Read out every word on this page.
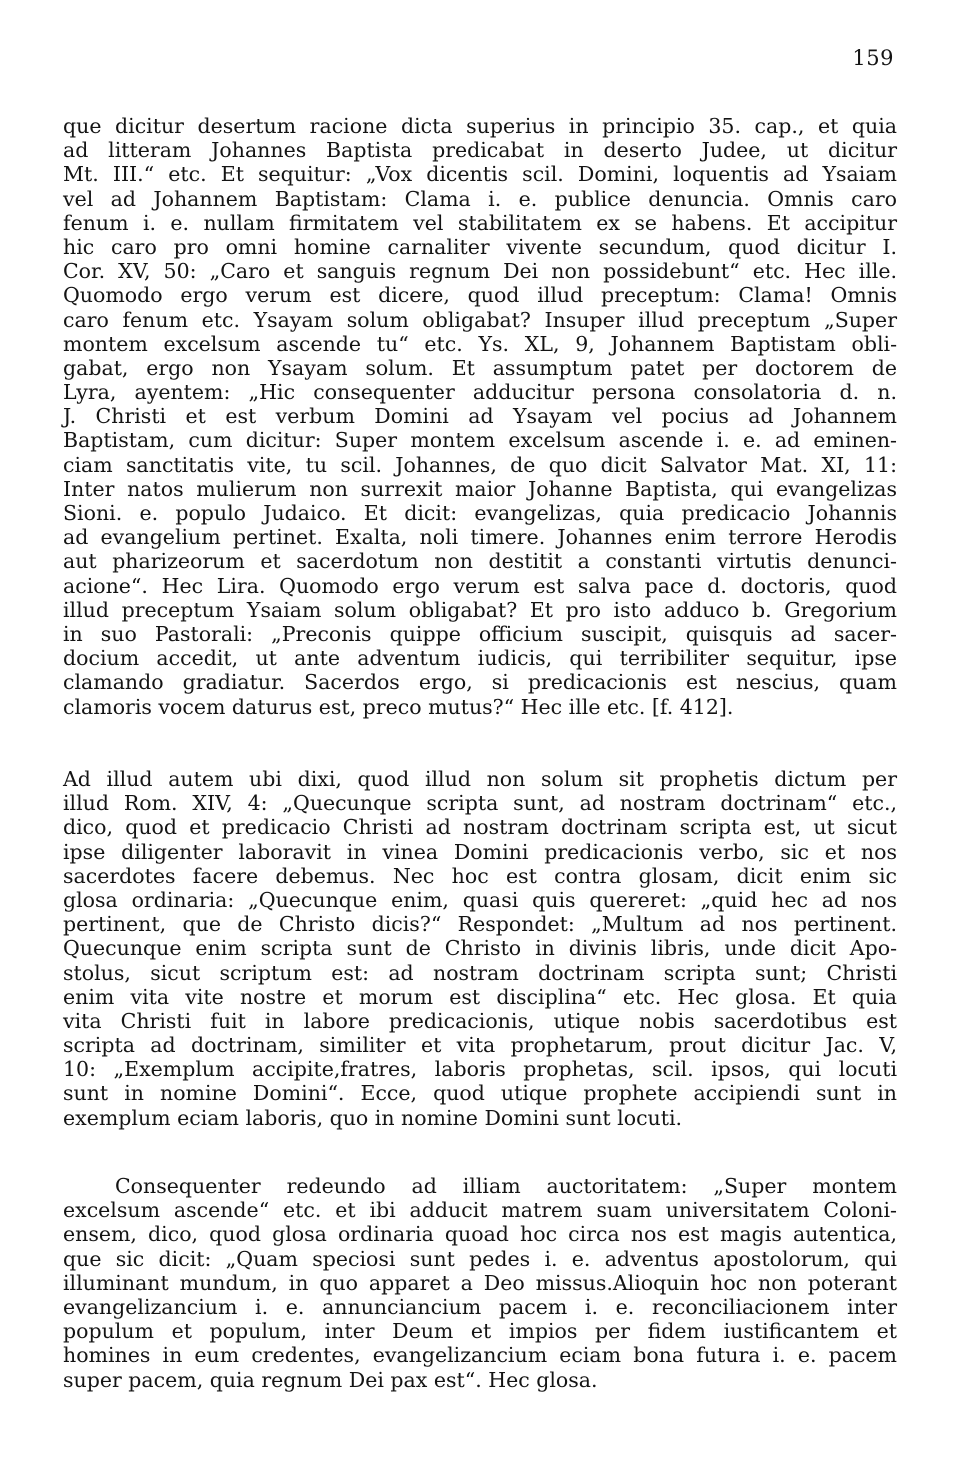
159
que dicitur desertum racione dicta superius in principio 35. cap., et quia
ad litteram Johannes Baptista predicabat in deserto Judee, ut dicitur
Mt. III.“ etc. Et sequitur: „Vox dicentis scil. Domini, loquentis ad Ysaiam
vel ad Johannem Baptistam: Clama i. e. publice denuncia. Omnis caro
fenum i. e. nullam firmitatem vel stabilitatem ex se habens. Et accipitur
hic caro pro omni homine carnaliter vivente secundum, quod dicitur I.
Cor. XV, 50: „Caro et sanguis regnum Dei non possidebunt“ etc. Hec ille.
Quomodo ergo verum est dicere, quod illud preceptum: Clama! Omnis
caro fenum etc. Ysayam solum obligabat? Insuper illud preceptum „Super
montem excelsum ascende tu“ etc. Ys. XL, 9, Johannem Baptistam obli-
gabat, ergo non Ysayam solum. Et assumptum patet per doctorem de
Lyra, ayentem: „Hic consequenter adducitur persona consolatoria d. n.
J. Christi et est verbum Domini ad Ysayam vel pocius ad Johannem
Baptistam, cum dicitur: Super montem excelsum ascende i. e. ad eminen-
ciam sanctitatis vite, tu scil. Johannes, de quo dicit Salvator Mat. XI, 11:
Inter natos mulierum non surrexit maior Johanne Baptista, qui evangelizas
Sioni. e. populo Judaico. Et dicit: evangelizas, quia predicacio Johannis
ad evangelium pertinet. Exalta, noli timere. Johannes enim terrore Herodis
aut pharizeorum et sacerdotum non destitit a constanti virtutis denunci-
acione“. Hec Lira. Quomodo ergo verum est salva pace d. doctoris, quod
illud preceptum Ysaiam solum obligabat? Et pro isto adduco b. Gregorium
in suo Pastorali: „Preconis quippe officium suscipit, quisquis ad sacer-
docium accedit, ut ante adventum iudicis, qui terribiliter sequitur, ipse
clamando gradiatur. Sacerdos ergo, si predicacionis est nescius, quam
clamoris vocem daturus est, preco mutus?“ Hec ille etc. [f. 412].
Ad illud autem ubi dixi, quod illud non solum sit prophetis dictum per
illud Rom. XIV, 4: „Quecunque scripta sunt, ad nostram doctrinam“ etc.,
dico, quod et predicacio Christi ad nostram doctrinam scripta est, ut sicut
ipse diligenter laboravit in vinea Domini predicacionis verbo, sic et nos
sacerdotes facere debemus. Nec hoc est contra glosam, dicit enim sic
glosa ordinaria: „Quecunque enim, quasi quis quereret: „quid hec ad nos
pertinent, que de Christo dicis?“ Respondet: „Multum ad nos pertinent.
Quecunque enim scripta sunt de Christo in divinis libris, unde dicit Apo-
stolus, sicut scriptum est: ad nostram doctrinam scripta sunt; Christi
enim vita vite nostre et morum est disciplina“ etc. Hec glosa. Et quia
vita Christi fuit in labore predicacionis, utique nobis sacerdotibus est
scripta ad doctrinam, similiter et vita prophetarum, prout dicitur Jac. V,
10: „Exemplum accipite,fratres, laboris prophetas, scil. ipsos, qui locuti
sunt in nomine Domini“. Ecce, quod utique prophete accipiendi sunt in
exemplum eciam laboris, quo in nomine Domini sunt locuti.
Consequenter redeundo ad illiam auctoritatem: „Super montem
excelsum ascende“ etc. et ibi adducit matrem suam universitatem Coloni-
ensem, dico, quod glosa ordinaria quoad hoc circa nos est magis autentica,
que sic dicit: „Quam speciosi sunt pedes i. e. adventus apostolorum, qui
illuminant mundum, in quo apparet a Deo missus.Alioquin hoc non poterant
evangelizancium i. e. annunciancium pacem i. e. reconciliacionem inter
populum et populum, inter Deum et impios per fidem iustificantem et
homines in eum credentes, evangelizancium eciam bona futura i. e. pacem
super pacem, quia regnum Dei pax est“. Hec glosa.
